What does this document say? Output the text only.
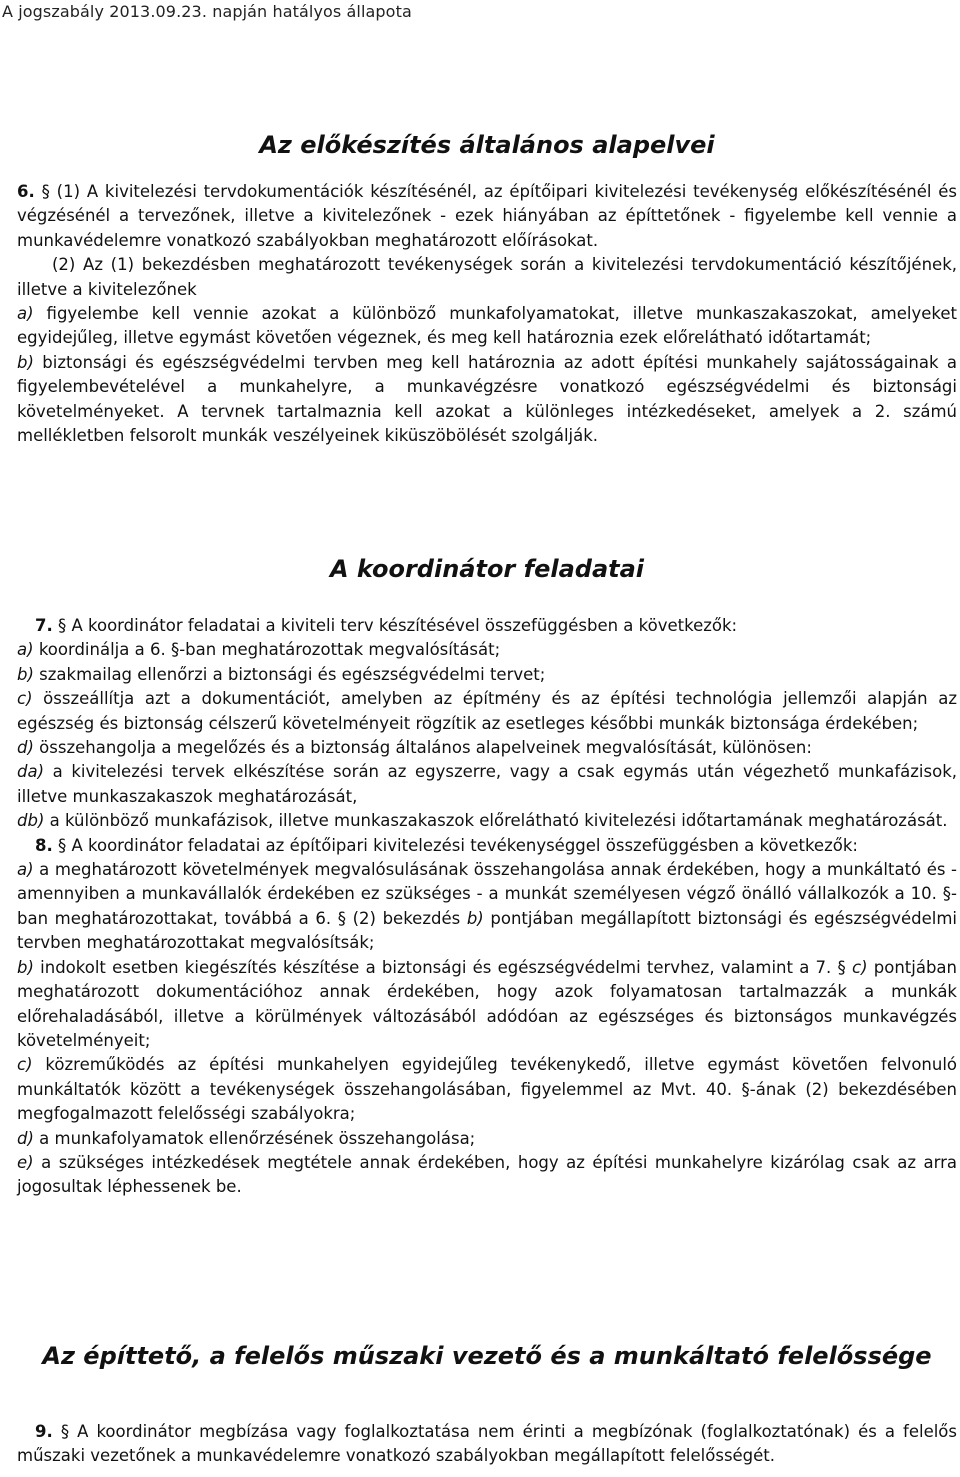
A jogszabály 2013.09.23. napján hatályos állapota
Az előkészítés általános alapelvei

6. § (1) A kivitelezési tervdokumentációk készítésénél, az építőipari kivitelezési tevékenység előkészítésénél és végzésénél a tervezőnek, illetve a kivitelezőnek - ezek hiányában az építtetőnek - figyelembe kell vennie a munkavédelemre vonatkozó szabályokban meghatározott előírásokat.

(2) Az (1) bekezdésben meghatározott tevékenységek során a kivitelezési tervdokumentáció készítőjének, illetve a kivitelezőnek

a) figyelembe kell vennie azokat a különböző munkafolyamatokat, illetve munkaszakaszokat, amelyeket egyidejűleg, illetve egymást követően végeznek, és meg kell határoznia ezek előrelátható időtartamát;

b) biztonsági és egészségvédelmi tervben meg kell határoznia az adott építési munkahely sajátosságainak a figyelembevételével a munkahelyre, a munkavégzésre vonatkozó egészségvédelmi és biztonsági követelményeket. A tervnek tartalmaznia kell azokat a különleges intézkedéseket, amelyek a 2. számú mellékletben felsorolt munkák veszélyeinek kiküszöbölését szolgálják.

A koordinátor feladatai

7. § A koordinátor feladatai a kiviteli terv készítésével összefüggésben a következők:

a) koordinálja a 6. §-ban meghatározottak megvalósítását;

b) szakmailag ellenőrzi a biztonsági és egészségvédelmi tervet;

c) összeállítja azt a dokumentációt, amelyben az építmény és az építési technológia jellemzői alapján az egészség és biztonság célszerű követelményeit rögzítik az esetleges későbbi munkák biztonsága érdekében;

d) összehangolja a megelőzés és a biztonság általános alapelveinek megvalósítását, különösen:

da) a kivitelezési tervek elkészítése során az egyszerre, vagy a csak egymás után végezhető munkafázisok, illetve munkaszakaszok meghatározását,

db) a különböző munkafázisok, illetve munkaszakaszok előrelátható kivitelezési időtartamának meghatározását.

8. § A koordinátor feladatai az építőipari kivitelezési tevékenységgel összefüggésben a következők:

a) a meghatározott követelmények megvalósulásának összehangolása annak érdekében, hogy a munkáltató és - amennyiben a munkavállalók érdekében ez szükséges - a munkát személyesen végző önálló vállalkozók a 10. §-ban meghatározottakat, továbbá a 6. § (2) bekezdés b) pontjában megállapított biztonsági és egészségvédelmi tervben meghatározottakat megvalósítsák;

b) indokolt esetben kiegészítés készítése a biztonsági és egészségvédelmi tervhez, valamint a 7. § c) pontjában meghatározott dokumentációhoz annak érdekében, hogy azok folyamatosan tartalmazzák a munkák előrehaladásából, illetve a körülmények változásából adódóan az egészséges és biztonságos munkavégzés követelményeit;

c) közreműködés az építési munkahelyen egyidejűleg tevékenykedő, illetve egymást követően felvonuló munkáltatók között a tevékenységek összehangolásában, figyelemmel az Mvt. 40. §-ának (2) bekezdésében megfogalmazott felelősségi szabályokra;

d) a munkafolyamatok ellenőrzésének összehangolása;

e) a szükséges intézkedések megtétele annak érdekében, hogy az építési munkahelyre kizárólag csak az arra jogosultak léphessenek be.

Az építtető, a felelős műszaki vezető és a munkáltató felelőssége

9. § A koordinátor megbízása vagy foglalkoztatása nem érinti a megbízónak (foglalkoztatónak) és a felelős műszaki vezetőnek a munkavédelemre vonatkozó szabályokban megállapított felelősségét.
